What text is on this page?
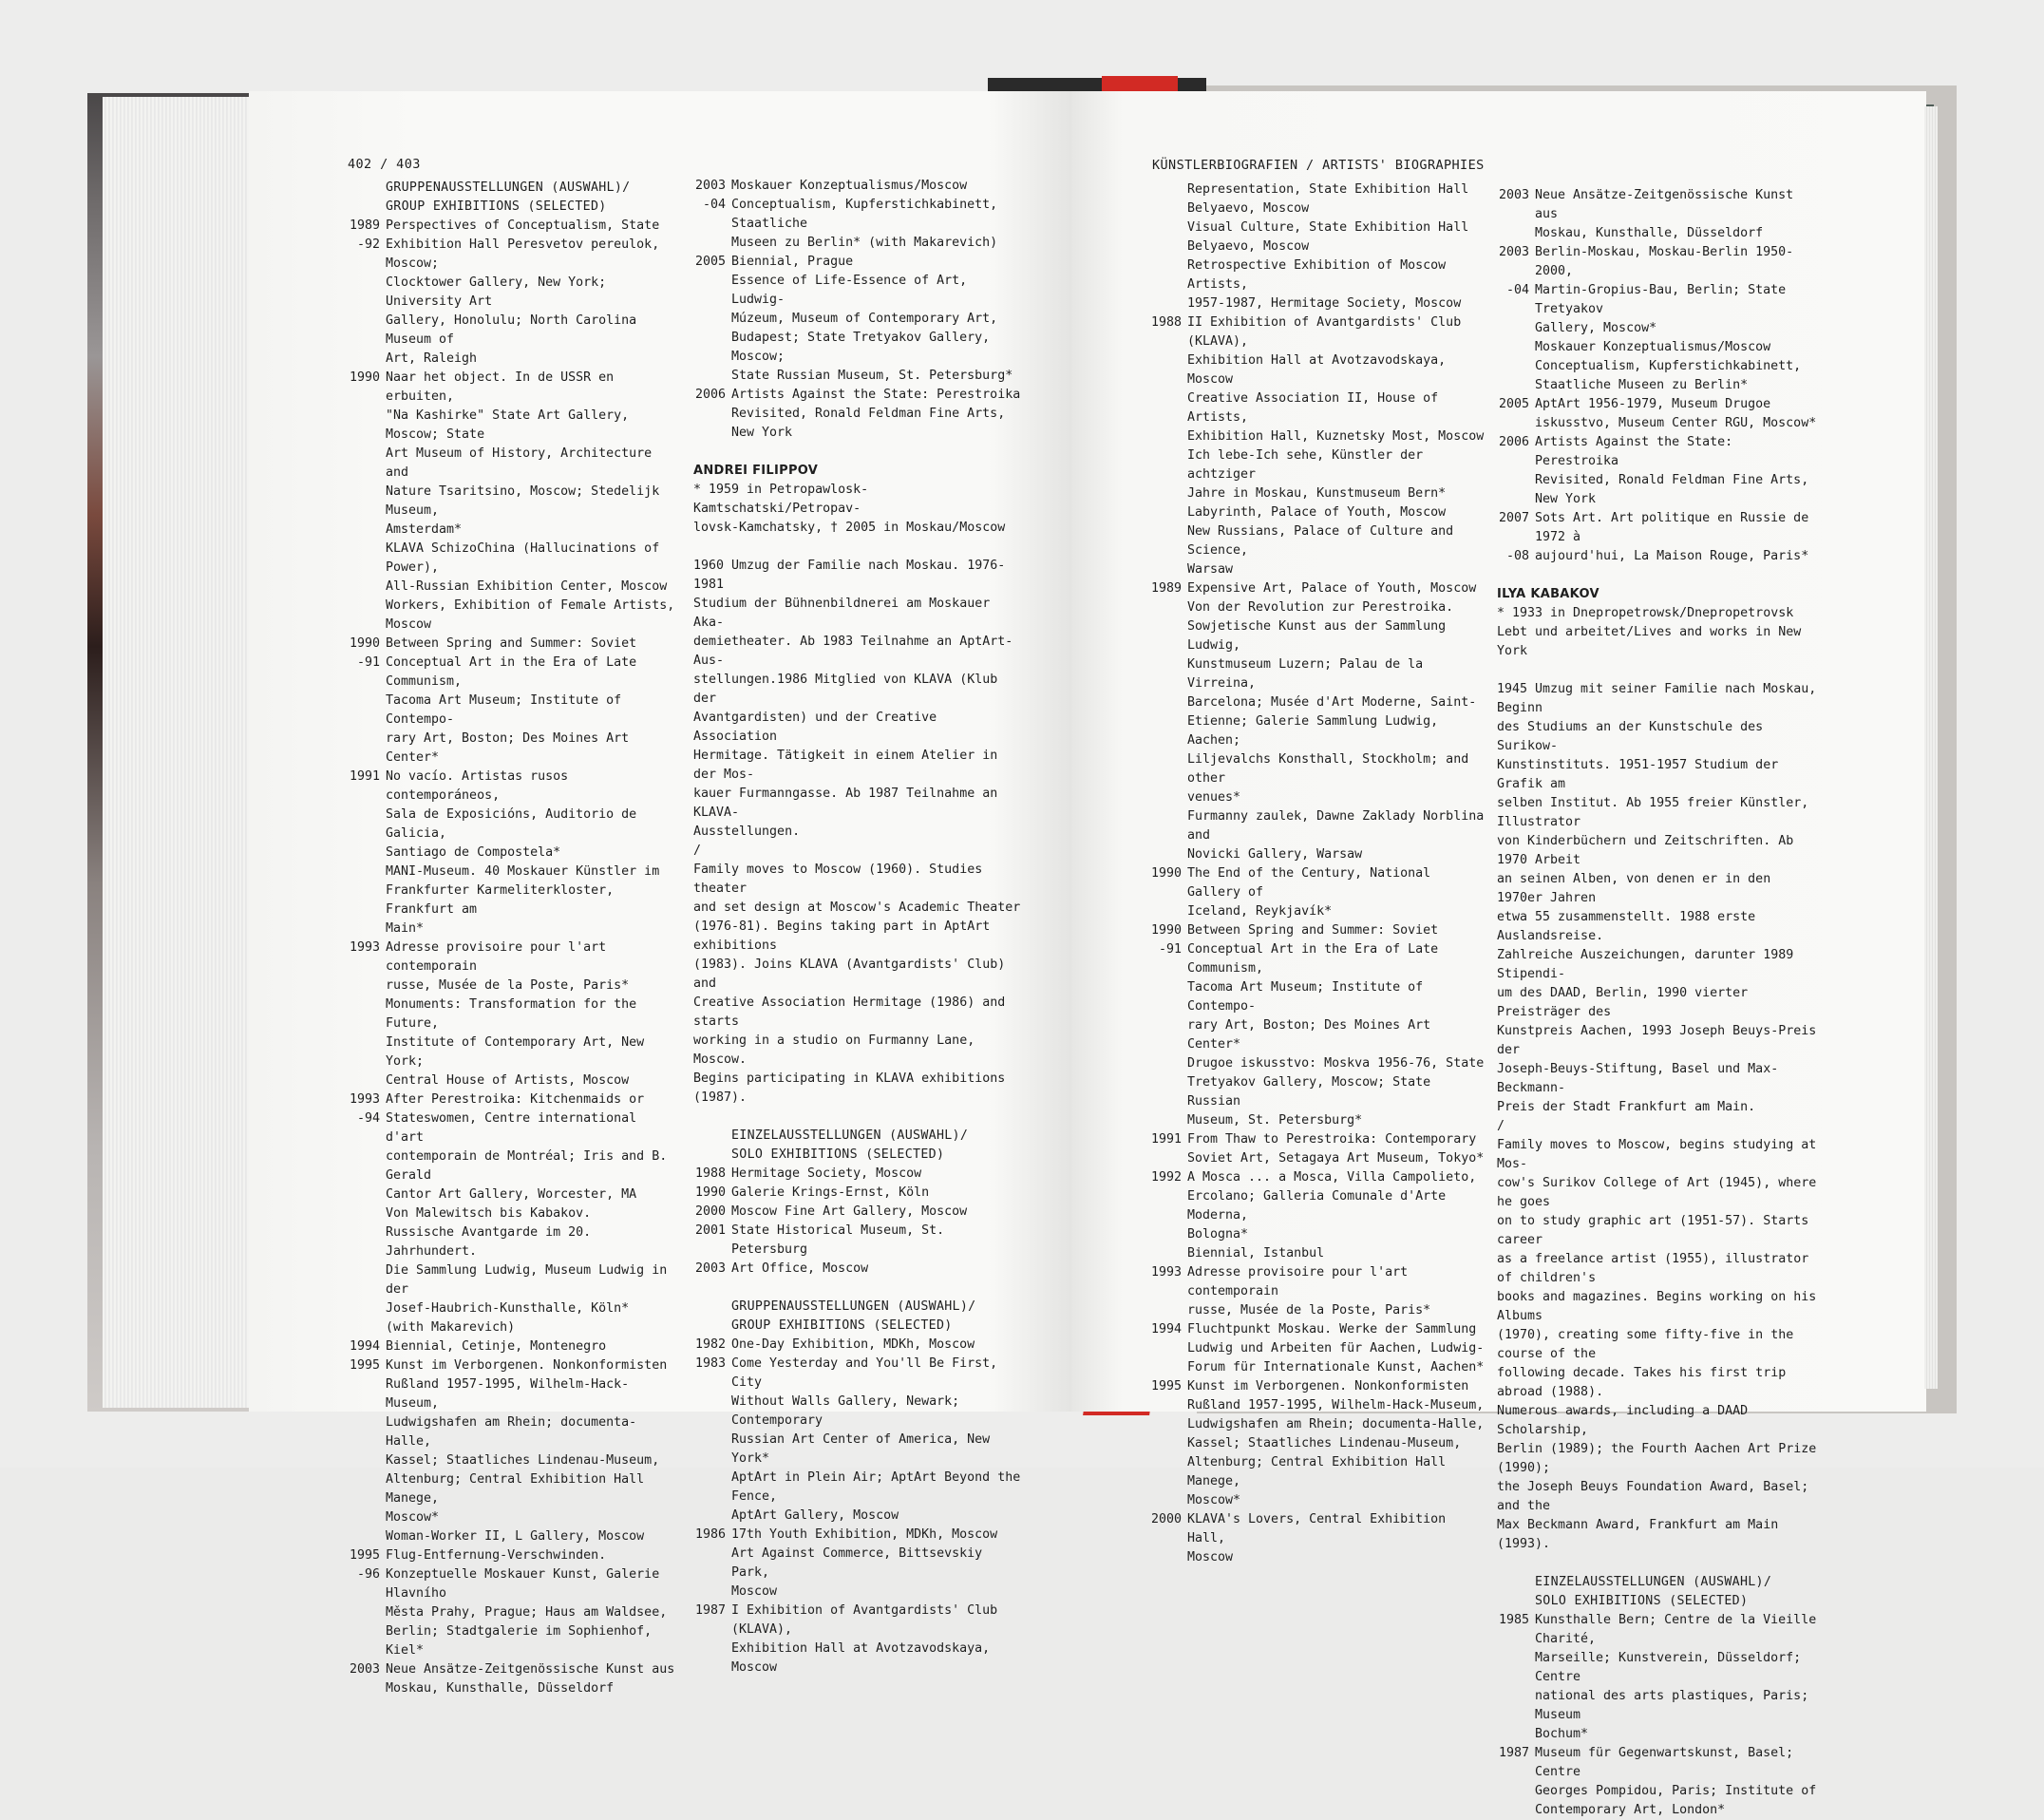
402 / 403	KÜNSTLERBIOGRAFIEN / ARTISTS' BIOGRAPHIES
GRUPPENAUSSTELLUNGEN (AUSWAHL)/
GROUP EXHIBITIONS (SELECTED)
1989 Perspectives of Conceptualism, State
-92 Exhibition Hall Peresvetov pereulok, Moscow;
Clocktower Gallery, New York; University Art
Gallery, Honolulu; North Carolina Museum of
Art, Raleigh
1990 Naar het object. In de USSR en erbuiten,
"Na Kashirke" State Art Gallery, Moscow; State
Art Museum of History, Architecture and
Nature Tsaritsino, Moscow; Stedelijk Museum,
Amsterdam*
KLAVA SchizoChina (Hallucinations of Power),
All-Russian Exhibition Center, Moscow
Workers, Exhibition of Female Artists, Moscow
1990 Between Spring and Summer: Soviet
-91 Conceptual Art in the Era of Late Communism,
Tacoma Art Museum; Institute of Contempo-
rary Art, Boston; Des Moines Art Center*
1991 No vacío. Artistas rusos contemporáneos,
Sala de Exposicións, Auditorio de Galicia,
Santiago de Compostela*
MANI-Museum. 40 Moskauer Künstler im
Frankfurter Karmeliterkloster, Frankfurt am
Main*
1993 Adresse provisoire pour l'art contemporain
russe, Musée de la Poste, Paris*
Monuments: Transformation for the Future,
Institute of Contemporary Art, New York;
Central House of Artists, Moscow
1993 After Perestroika: Kitchenmaids or
-94 Stateswomen, Centre international d'art
contemporain de Montréal; Iris and B. Gerald
Cantor Art Gallery, Worcester, MA
Von Malewitsch bis Kabakov.
Russische Avantgarde im 20. Jahrhundert.
Die Sammlung Ludwig, Museum Ludwig in der
Josef-Haubrich-Kunsthalle, Köln*
(with Makarevich)
1994 Biennial, Cetinje, Montenegro
1995 Kunst im Verborgenen. Nonkonformisten
Rußland 1957-1995, Wilhelm-Hack-Museum,
Ludwigshafen am Rhein; documenta-Halle,
Kassel; Staatliches Lindenau-Museum,
Altenburg; Central Exhibition Hall Manege,
Moscow*
Woman-Worker II, L Gallery, Moscow
1995 Flug-Entfernung-Verschwinden.
-96 Konzeptuelle Moskauer Kunst, Galerie Hlavního
Města Prahy, Prague; Haus am Waldsee,
Berlin; Stadtgalerie im Sophienhof, Kiel*
2003 Neue Ansätze-Zeitgenössische Kunst aus
Moskau, Kunsthalle, Düsseldorf
2003 Moskauer Konzeptualismus/Moscow
-04 Conceptualism, Kupferstichkabinett, Staatliche
Museen zu Berlin* (with Makarevich)
2005 Biennial, Prague
Essence of Life-Essence of Art, Ludwig-
Múzeum, Museum of Contemporary Art,
Budapest; State Tretyakov Gallery, Moscow;
State Russian Museum, St. Petersburg*
2006 Artists Against the State: Perestroika
Revisited, Ronald Feldman Fine Arts, New York
ANDREI FILIPPOV
* 1959 in Petropawlosk-Kamtschatski/Petropav-
lovsk-Kamchatsky, † 2005 in Moskau/Moscow
1960 Umzug der Familie nach Moskau. 1976-1981
Studium der Bühnenbildnerei am Moskauer Aka-
demietheater. Ab 1983 Teilnahme an AptArt-Aus-
stellungen.1986 Mitglied von KLAVA (Klub der
Avantgardisten) und der Creative Association
Hermitage. Tätigkeit in einem Atelier in der Mos-
kauer Furmanngasse. Ab 1987 Teilnahme an KLAVA-
Ausstellungen.
/
Family moves to Moscow (1960). Studies theater
and set design at Moscow's Academic Theater
(1976-81). Begins taking part in AptArt exhibitions
(1983). Joins KLAVA (Avantgardists' Club) and
Creative Association Hermitage (1986) and starts
working in a studio on Furmanny Lane, Moscow.
Begins participating in KLAVA exhibitions (1987).
EINZELAUSSTELLUNGEN (AUSWAHL)/
SOLO EXHIBITIONS (SELECTED)
1988 Hermitage Society, Moscow
1990 Galerie Krings-Ernst, Köln
2000 Moscow Fine Art Gallery, Moscow
2001 State Historical Museum, St. Petersburg
2003 Art Office, Moscow
GRUPPENAUSSTELLUNGEN (AUSWAHL)/
GROUP EXHIBITIONS (SELECTED)
1982 One-Day Exhibition, MDKh, Moscow
1983 Come Yesterday and You'll Be First, City
Without Walls Gallery, Newark; Contemporary
Russian Art Center of America, New York*
AptArt in Plein Air; AptArt Beyond the Fence,
AptArt Gallery, Moscow
1986 17th Youth Exhibition, MDKh, Moscow
Art Against Commerce, Bittsevskiy Park,
Moscow
1987 I Exhibition of Avantgardists' Club (KLAVA),
Exhibition Hall at Avotzavodskaya, Moscow
Representation, State Exhibition Hall
Belyaevo, Moscow
Visual Culture, State Exhibition Hall
Belyaevo, Moscow
Retrospective Exhibition of Moscow Artists,
1957-1987, Hermitage Society, Moscow
1988 II Exhibition of Avantgardists' Club (KLAVA),
Exhibition Hall at Avotzavodskaya, Moscow
Creative Association II, House of Artists,
Exhibition Hall, Kuznetsky Most, Moscow
Ich lebe-Ich sehe, Künstler der achtziger
Jahre in Moskau, Kunstmuseum Bern*
Labyrinth, Palace of Youth, Moscow
New Russians, Palace of Culture and Science,
Warsaw
1989 Expensive Art, Palace of Youth, Moscow
Von der Revolution zur Perestroika.
Sowjetische Kunst aus der Sammlung Ludwig,
Kunstmuseum Luzern; Palau de la Virreina,
Barcelona; Musée d'Art Moderne, Saint-
Etienne; Galerie Sammlung Ludwig, Aachen;
Liljevalchs Konsthall, Stockholm; and other
venues*
Furmanny zaulek, Dawne Zaklady Norblina and
Novicki Gallery, Warsaw
1990 The End of the Century, National Gallery of
Iceland, Reykjavík*
1990 Between Spring and Summer: Soviet
-91 Conceptual Art in the Era of Late Communism,
Tacoma Art Museum; Institute of Contempo-
rary Art, Boston; Des Moines Art Center*
Drugoe iskusstvo: Moskva 1956-76, State
Tretyakov Gallery, Moscow; State Russian
Museum, St. Petersburg*
1991 From Thaw to Perestroika: Contemporary
Soviet Art, Setagaya Art Museum, Tokyo*
1992 A Mosca ... a Mosca, Villa Campolieto,
Ercolano; Galleria Comunale d'Arte Moderna,
Bologna*
Biennial, Istanbul
1993 Adresse provisoire pour l'art contemporain
russe, Musée de la Poste, Paris*
1994 Fluchtpunkt Moskau. Werke der Sammlung
Ludwig und Arbeiten für Aachen, Ludwig-
Forum für Internationale Kunst, Aachen*
1995 Kunst im Verborgenen. Nonkonformisten
Rußland 1957-1995, Wilhelm-Hack-Museum,
Ludwigshafen am Rhein; documenta-Halle,
Kassel; Staatliches Lindenau-Museum,
Altenburg; Central Exhibition Hall Manege,
Moscow*
2000 KLAVA's Lovers, Central Exhibition Hall,
Moscow
2003 Neue Ansätze-Zeitgenössische Kunst aus
Moskau, Kunsthalle, Düsseldorf
2003 Berlin-Moskau, Moskau-Berlin 1950-2000,
-04 Martin-Gropius-Bau, Berlin; State Tretyakov
Gallery, Moscow*
Moskauer Konzeptualismus/Moscow
Conceptualism, Kupferstichkabinett,
Staatliche Museen zu Berlin*
2005 AptArt 1956-1979, Museum Drugoe
iskusstvo, Museum Center RGU, Moscow*
2006 Artists Against the State: Perestroika
Revisited, Ronald Feldman Fine Arts, New York
2007 Sots Art. Art politique en Russie de 1972 à
-08 aujourd'hui, La Maison Rouge, Paris*
ILYA KABAKOV
* 1933 in Dnepropetrowsk/Dnepropetrovsk
Lebt und arbeitet/Lives and works in New York
1945 Umzug mit seiner Familie nach Moskau, Beginn
des Studiums an der Kunstschule des Surikow-
Kunstinstituts. 1951-1957 Studium der Grafik am
selben Institut. Ab 1955 freier Künstler, Illustrator
von Kinderbüchern und Zeitschriften. Ab 1970 Arbeit
an seinen Alben, von denen er in den 1970er Jahren
etwa 55 zusammenstellt. 1988 erste Auslandsreise.
Zahlreiche Auszeichungen, darunter 1989 Stipendi-
um des DAAD, Berlin, 1990 vierter Preisträger des
Kunstpreis Aachen, 1993 Joseph Beuys-Preis der
Joseph-Beuys-Stiftung, Basel und Max-Beckmann-
Preis der Stadt Frankfurt am Main.
/
Family moves to Moscow, begins studying at Mos-
cow's Surikov College of Art (1945), where he goes
on to study graphic art (1951-57). Starts career
as a freelance artist (1955), illustrator of children's
books and magazines. Begins working on his Albums
(1970), creating some fifty-five in the course of the
following decade. Takes his first trip abroad (1988).
Numerous awards, including a DAAD Scholarship,
Berlin (1989); the Fourth Aachen Art Prize (1990);
the Joseph Beuys Foundation Award, Basel; and the
Max Beckmann Award, Frankfurt am Main (1993).
EINZELAUSSTELLUNGEN (AUSWAHL)/
SOLO EXHIBITIONS (SELECTED)
1985 Kunsthalle Bern; Centre de la Vieille Charité,
Marseille; Kunstverein, Düsseldorf; Centre
national des arts plastiques, Paris; Museum
Bochum*
1987 Museum für Gegenwartskunst, Basel; Centre
Georges Pompidou, Paris; Institute of
Contemporary Art, London*
